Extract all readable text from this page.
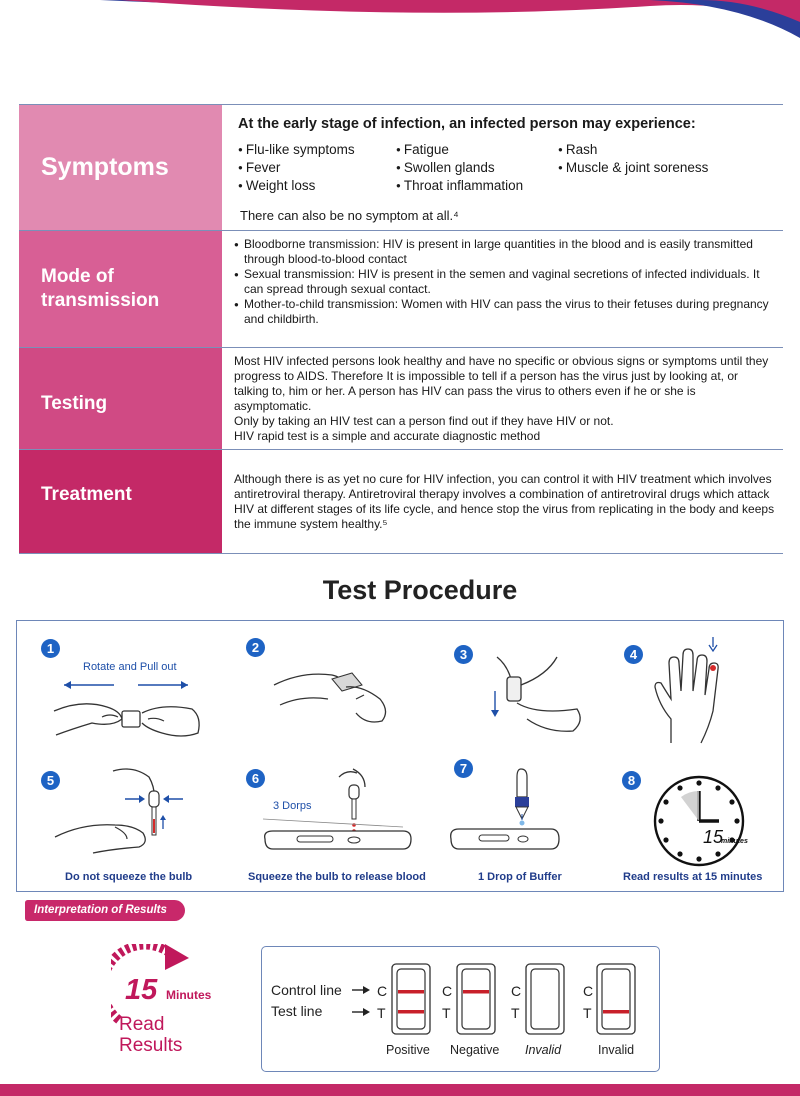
Symptoms
At the early stage of infection, an infected person may experience:
● Flu-like symptoms	● Fatigue	● Rash
● Fever	● Swollen glands	● Muscle & joint soreness
● Weight loss	● Throat inflammation
There can also be no symptom at all.⁴
Mode of
transmission
● Bloodborne transmission: HIV is present in large quantities in the blood and is easily transmitted through blood-to-blood contact
● Sexual transmission: HIV is present in the semen and vaginal secretions of infected individuals. It can spread through sexual contact.
● Mother-to-child transmission: Women with HIV can pass the virus to their fetuses during pregnancy and childbirth.
Testing
Most HIV infected persons look healthy and have no specific or obvious signs or symptoms until they progress to AIDS. Therefore It is impossible to tell if a person has the virus just by looking at, or talking to, him or her. A person has HIV can pass the virus to others even if he or she is asymptomatic.
Only by taking an HIV test can a person find out if they have HIV or not.
HIV rapid test is a simple and accurate diagnostic method
Treatment
Although there is as yet no cure for HIV infection, you can control it with HIV treatment which involves antiretroviral therapy. Antiretroviral therapy involves a combination of antiretroviral drugs which attack HIV at different stages of its life cycle, and hence stop the virus from replicating in the body and keeps the immune system healthy.⁵
Test Procedure
1	2	3	4
5	6
7
8
Rotate and Pull out
Do not squeeze the bulb
3 Dorps
Squeeze the bulb to release blood	1 Drop of Buffer
15
minutes
Read results at 15 minutes
Interpretation of Results
15 Minutes
Read
Results
Control line
Test line
C
T
C
T
C
T
C
T
Positive Negative Invalid	Invalid
